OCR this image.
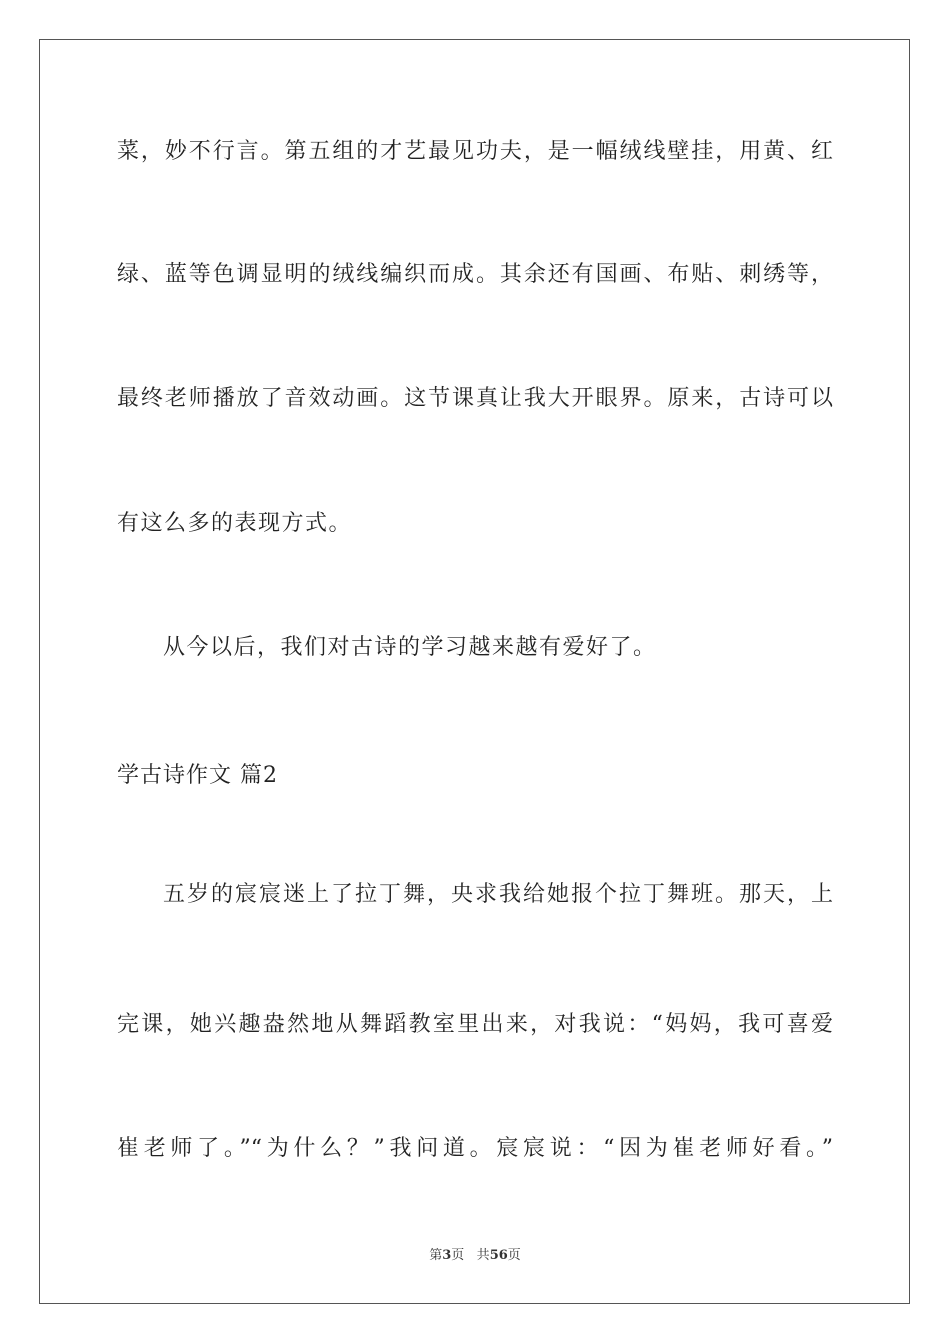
菜，妙不行言。第五组的才艺最见功夫，是一幅绒线壁挂，用黄、红
绿、蓝等色调显明的绒线编织而成。其余还有国画、布贴、刺绣等，
最终老师播放了音效动画。这节课真让我大开眼界。原来，古诗可以
有这么多的表现方式。
从今以后，我们对古诗的学习越来越有爱好了。
学古诗作文 篇2
五岁的宸宸迷上了拉丁舞，央求我给她报个拉丁舞班。那天，上
完课，她兴趣盎然地从舞蹈教室里出来，对我说：“妈妈，我可喜爱
崔老师了。”“为什么？”我问道。宸宸说：“因为崔老师好看。”
第3页 共56页
